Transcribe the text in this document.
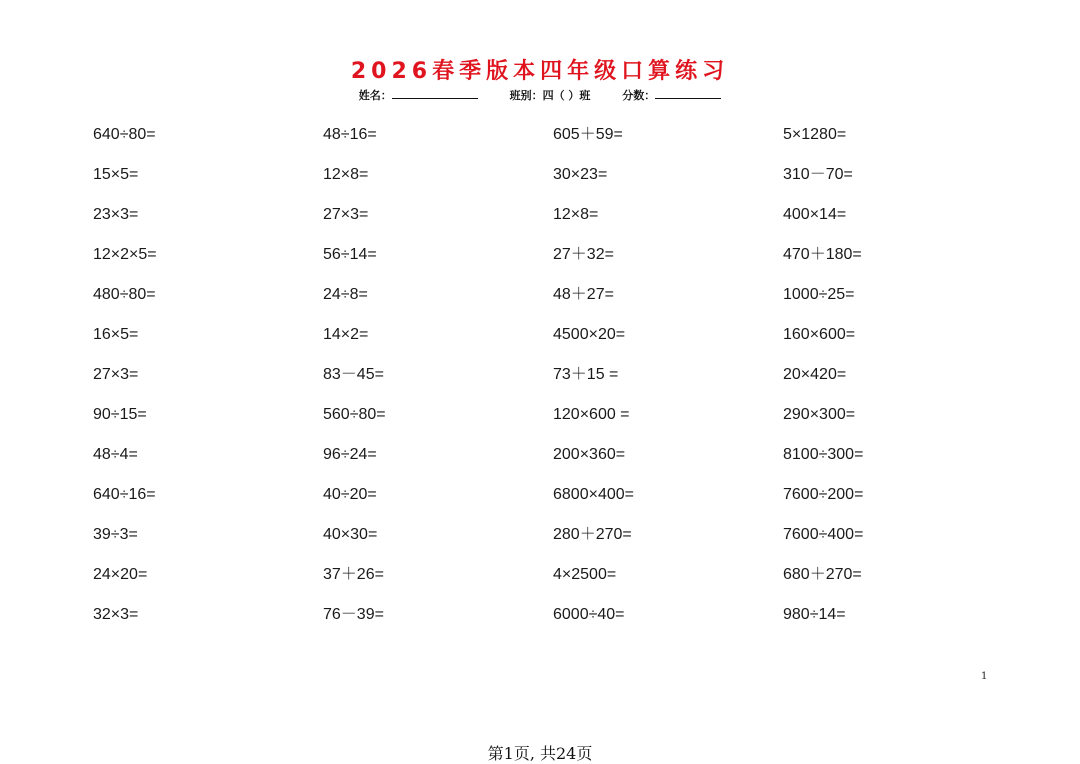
2026春季版本四年级口算练习
姓名：	班别：四（ ）班	分数：
640÷80=	48÷16=	605＋59=	5×1280=
15×5=	12×8=	30×23=	310－70=
23×3=	27×3=	12×8=	400×14=
12×2×5=	56÷14=	27＋32=	470＋180=
480÷80=	24÷8=	48＋27=	1000÷25=
16×5=	14×2=	4500×20=	160×600=
27×3=	83－45=	73＋15 =	20×420=
90÷15=	560÷80=	120×600 =	290×300=
48÷4=	96÷24=	200×360=	8100÷300=
640÷16=	40÷20=	6800×400=	7600÷200=
39÷3=	40×30=	280＋270=	7600÷400=
24×20=	37＋26=	4×2500=	680＋270=
32×3=	76－39=	6000÷40=	980÷14=
1
第1页, 共24页
